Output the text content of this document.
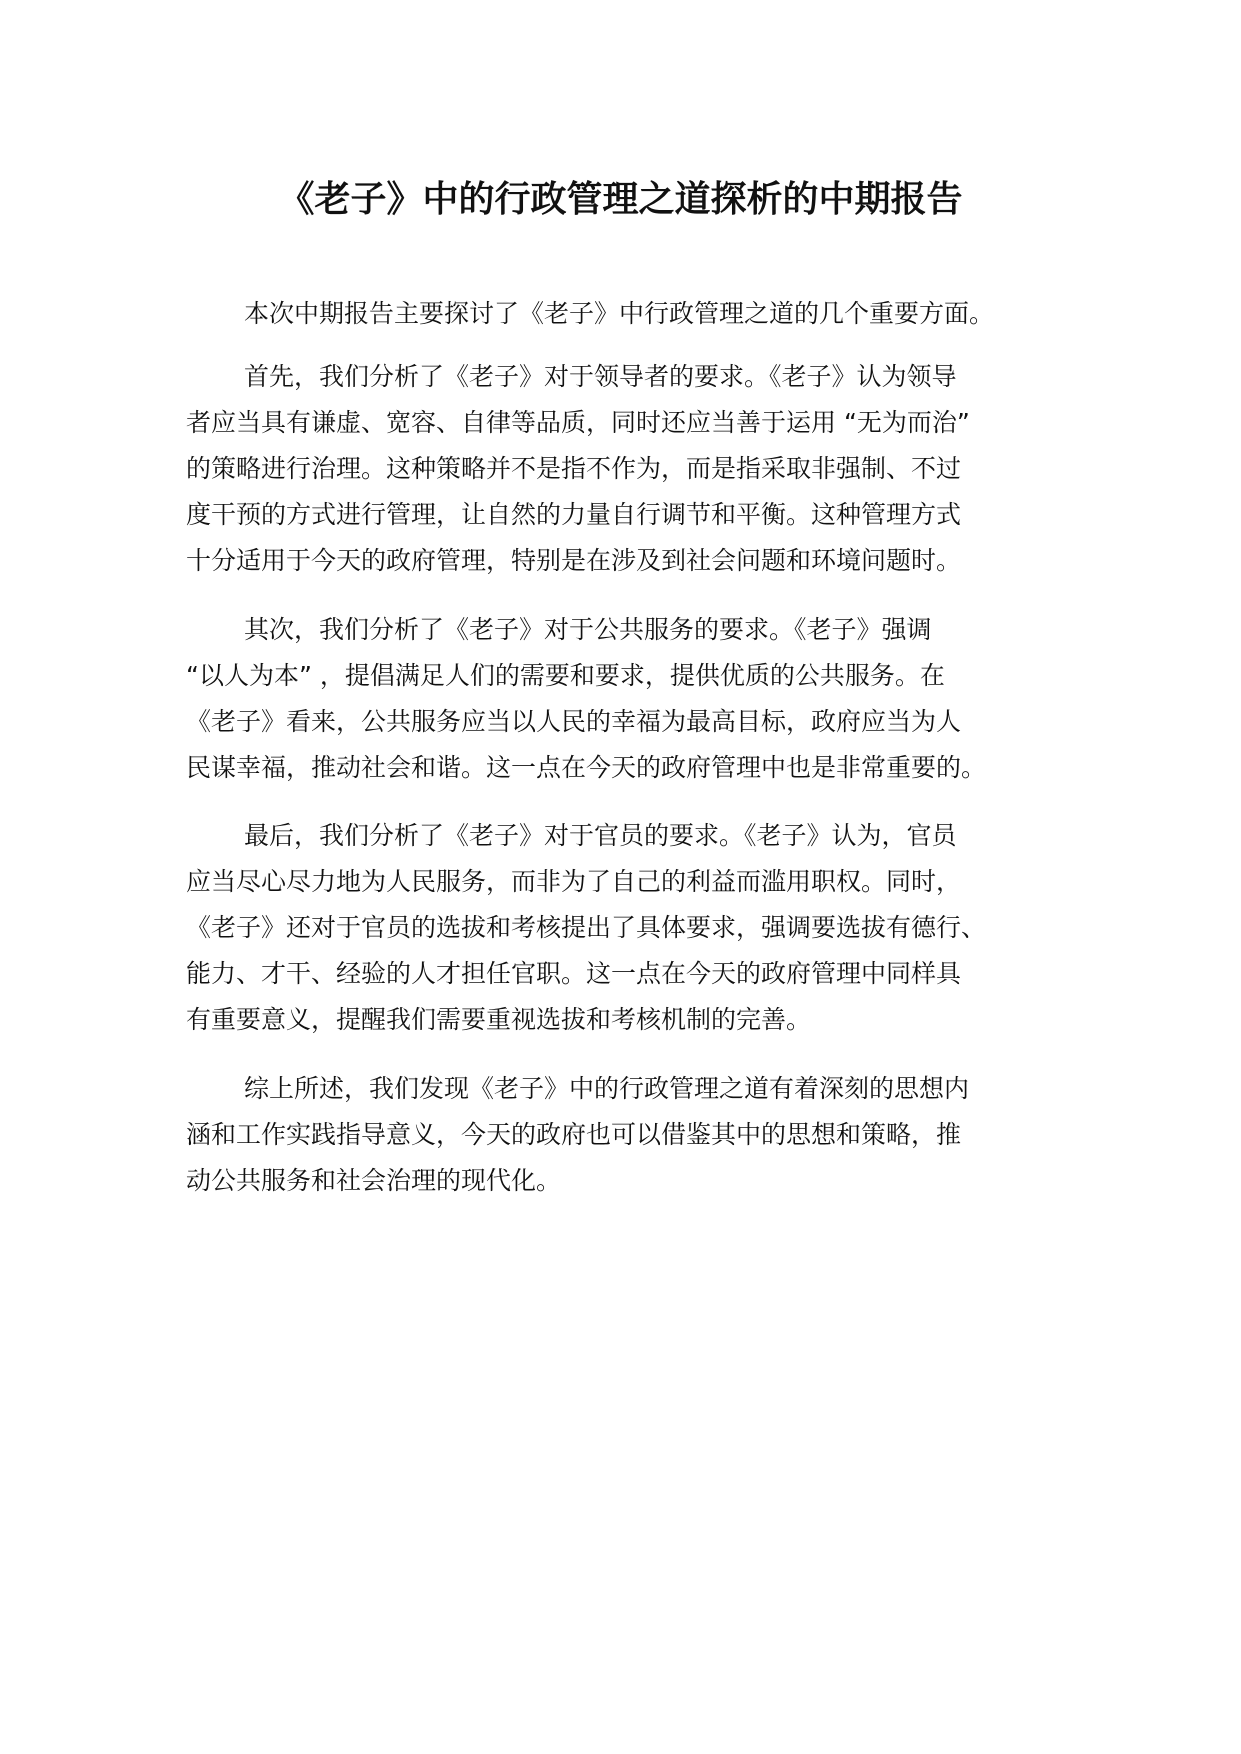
《老子》中的行政管理之道探析的中期报告

本次中期报告主要探讨了《老子》中行政管理之道的几个重要方面。

首先，我们分析了《老子》对于领导者的要求。《老子》认为领导
者应当具有谦虚、宽容、自律等品质，同时还应当善于运用 “无为而治”
的策略进行治理。这种策略并不是指不作为，而是指采取非强制、不过
度干预的方式进行管理，让自然的力量自行调节和平衡。这种管理方式
十分适用于今天的政府管理，特别是在涉及到社会问题和环境问题时。

其次，我们分析了《老子》对于公共服务的要求。《老子》强调
“以人为本” ，提倡满足人们的需要和要求，提供优质的公共服务。在
《老子》看来，公共服务应当以人民的幸福为最高目标，政府应当为人
民谋幸福，推动社会和谐。这一点在今天的政府管理中也是非常重要的。

最后，我们分析了《老子》对于官员的要求。《老子》认为，官员
应当尽心尽力地为人民服务，而非为了自己的利益而滥用职权。同时，
《老子》还对于官员的选拔和考核提出了具体要求，强调要选拔有德行、
能力、才干、经验的人才担任官职。这一点在今天的政府管理中同样具
有重要意义，提醒我们需要重视选拔和考核机制的完善。

综上所述，我们发现《老子》中的行政管理之道有着深刻的思想内
涵和工作实践指导意义，今天的政府也可以借鉴其中的思想和策略，推
动公共服务和社会治理的现代化。
